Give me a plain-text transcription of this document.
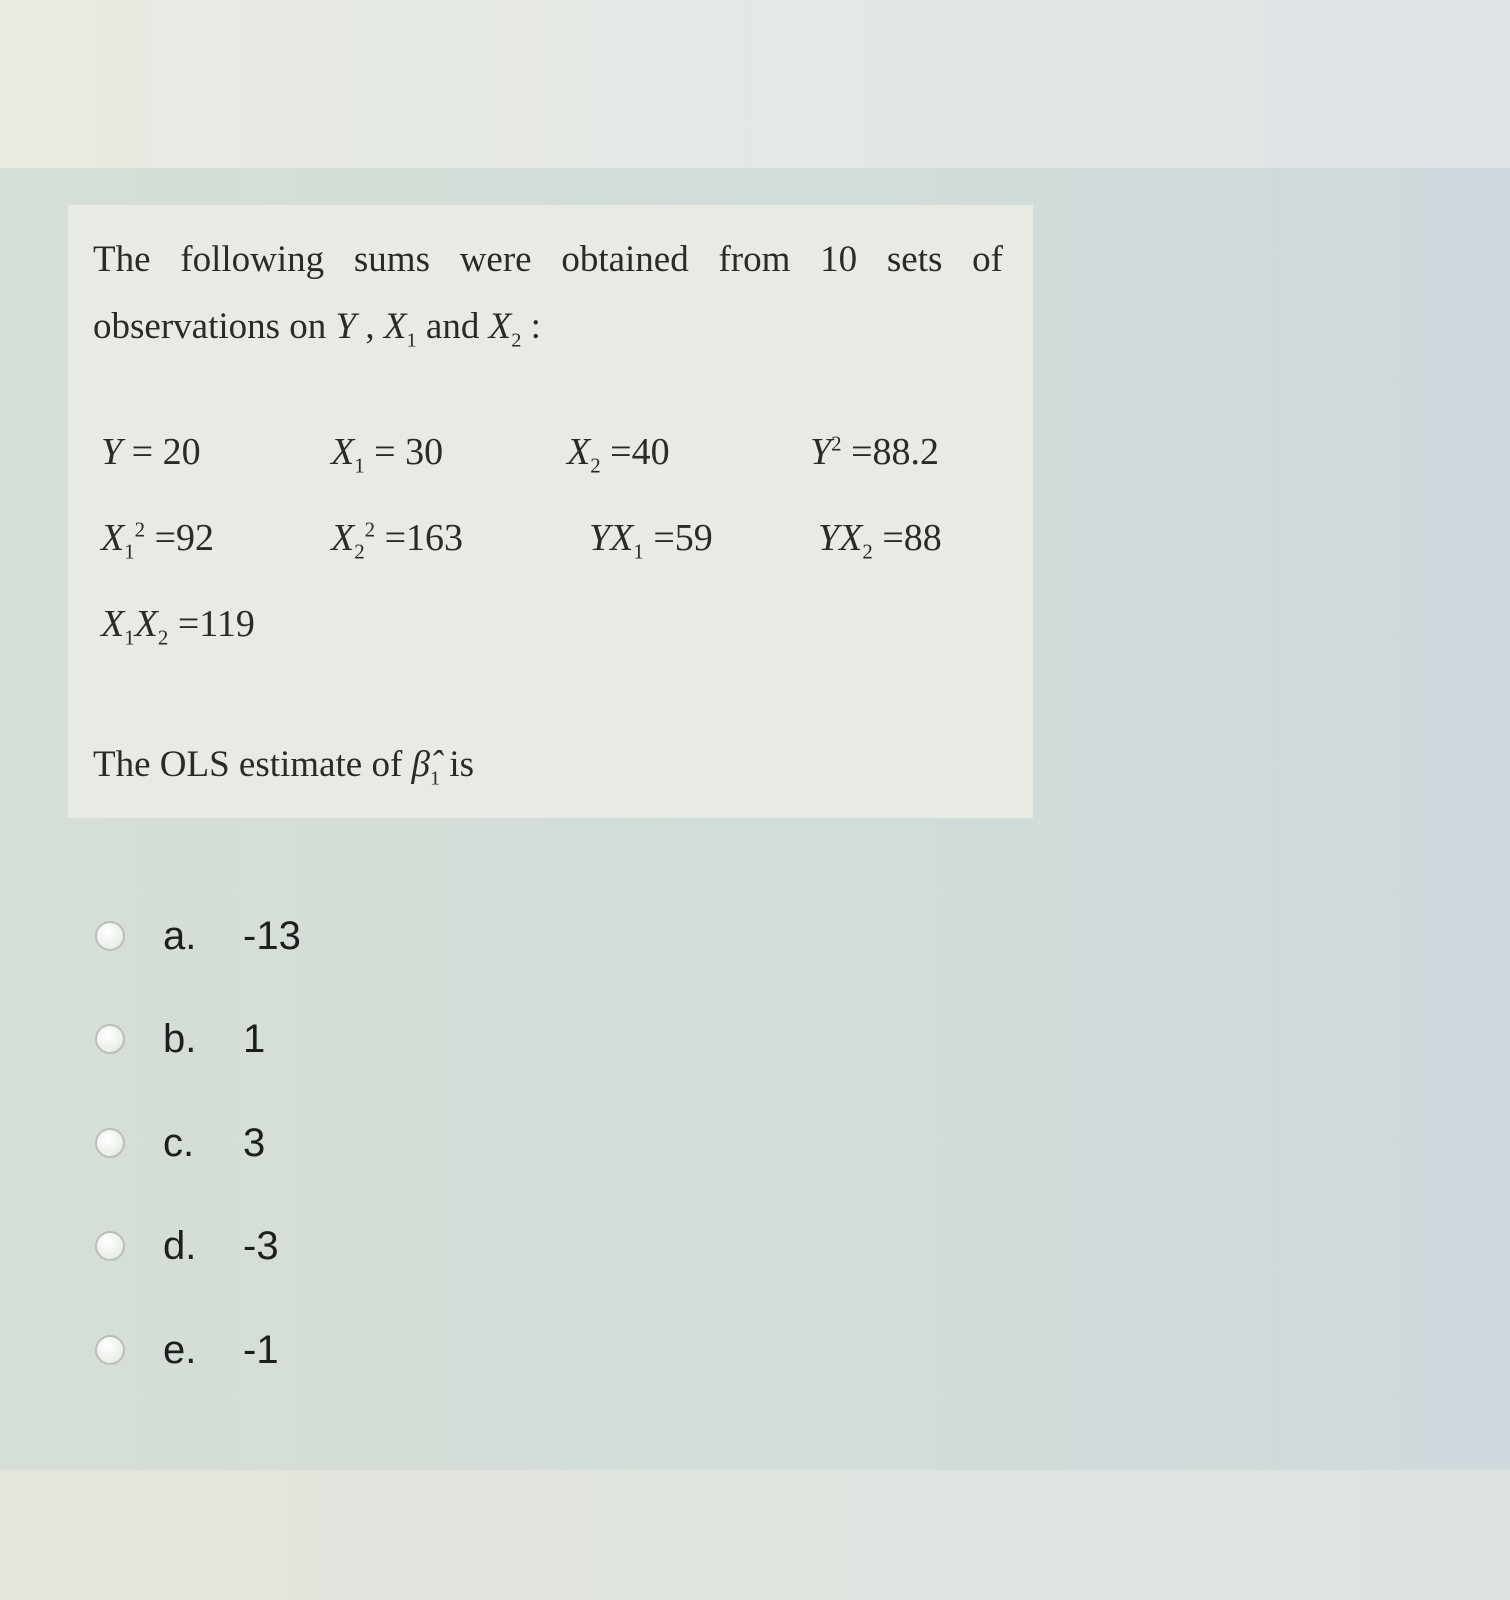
The following sums were obtained from 10 sets of
observations on Y , $X_1$ and $X_2$ :
Y = 20	$X_1 = 30$	$X_2 =40$	$Y^2 =88.2$
$X_1^2 =92$	$X_2^2 =163$	$YX_1 =59$	$YX_2 =88$
$X_1X_2 =119$
The OLS estimate of $\betâ_1$ is
a.	-13
b.	1
c.	3
d.	-3
e.	-1
